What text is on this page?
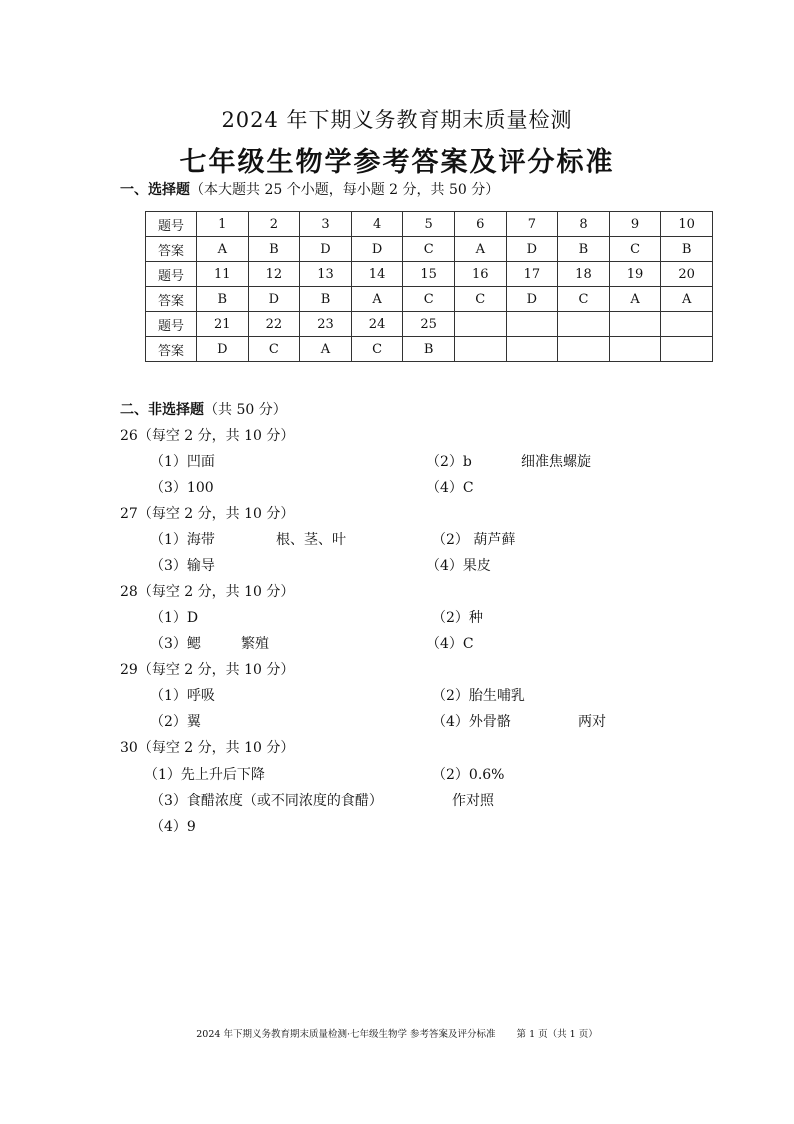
2024 年下期义务教育期末质量检测
七年级生物学参考答案及评分标准
一、选择题（本大题共 25 个小题，每小题 2 分，共 50 分）
题号	1	2	3	4	5	6	7	8	9	10
答案	A	B	D	D	C	A	D	B	C	B
题号	11	12	13	14	15	16	17	18	19	20
答案	B	D	B	A	C	C	D	C	A	A
题号	21	22	23	24	25					
答案	D	C	A	C	B					
二、非选择题（共 50 分）
26（每空 2 分，共 10 分）
（1）凹面	（2）b	细准焦螺旋
（3）100	（4）C
27（每空 2 分，共 10 分）
（1）海带	根、茎、叶	（2） 葫芦藓
（3）输导	（4）果皮
28（每空 2 分，共 10 分）
（1）D	（2）种
（3）鳃	繁殖	（4）C
29（每空 2 分，共 10 分）
（1）呼吸	（2）胎生哺乳
（2）翼	（4）外骨骼	两对
30（每空 2 分，共 10 分）
（1）先上升后下降	（2）0.6%
（3）食醋浓度（或不同浓度的食醋）	作对照
（4）9
2024 年下期义务教育期末质量检测·七年级生物学 参考答案及评分标准 第 1 页（共 1 页）
